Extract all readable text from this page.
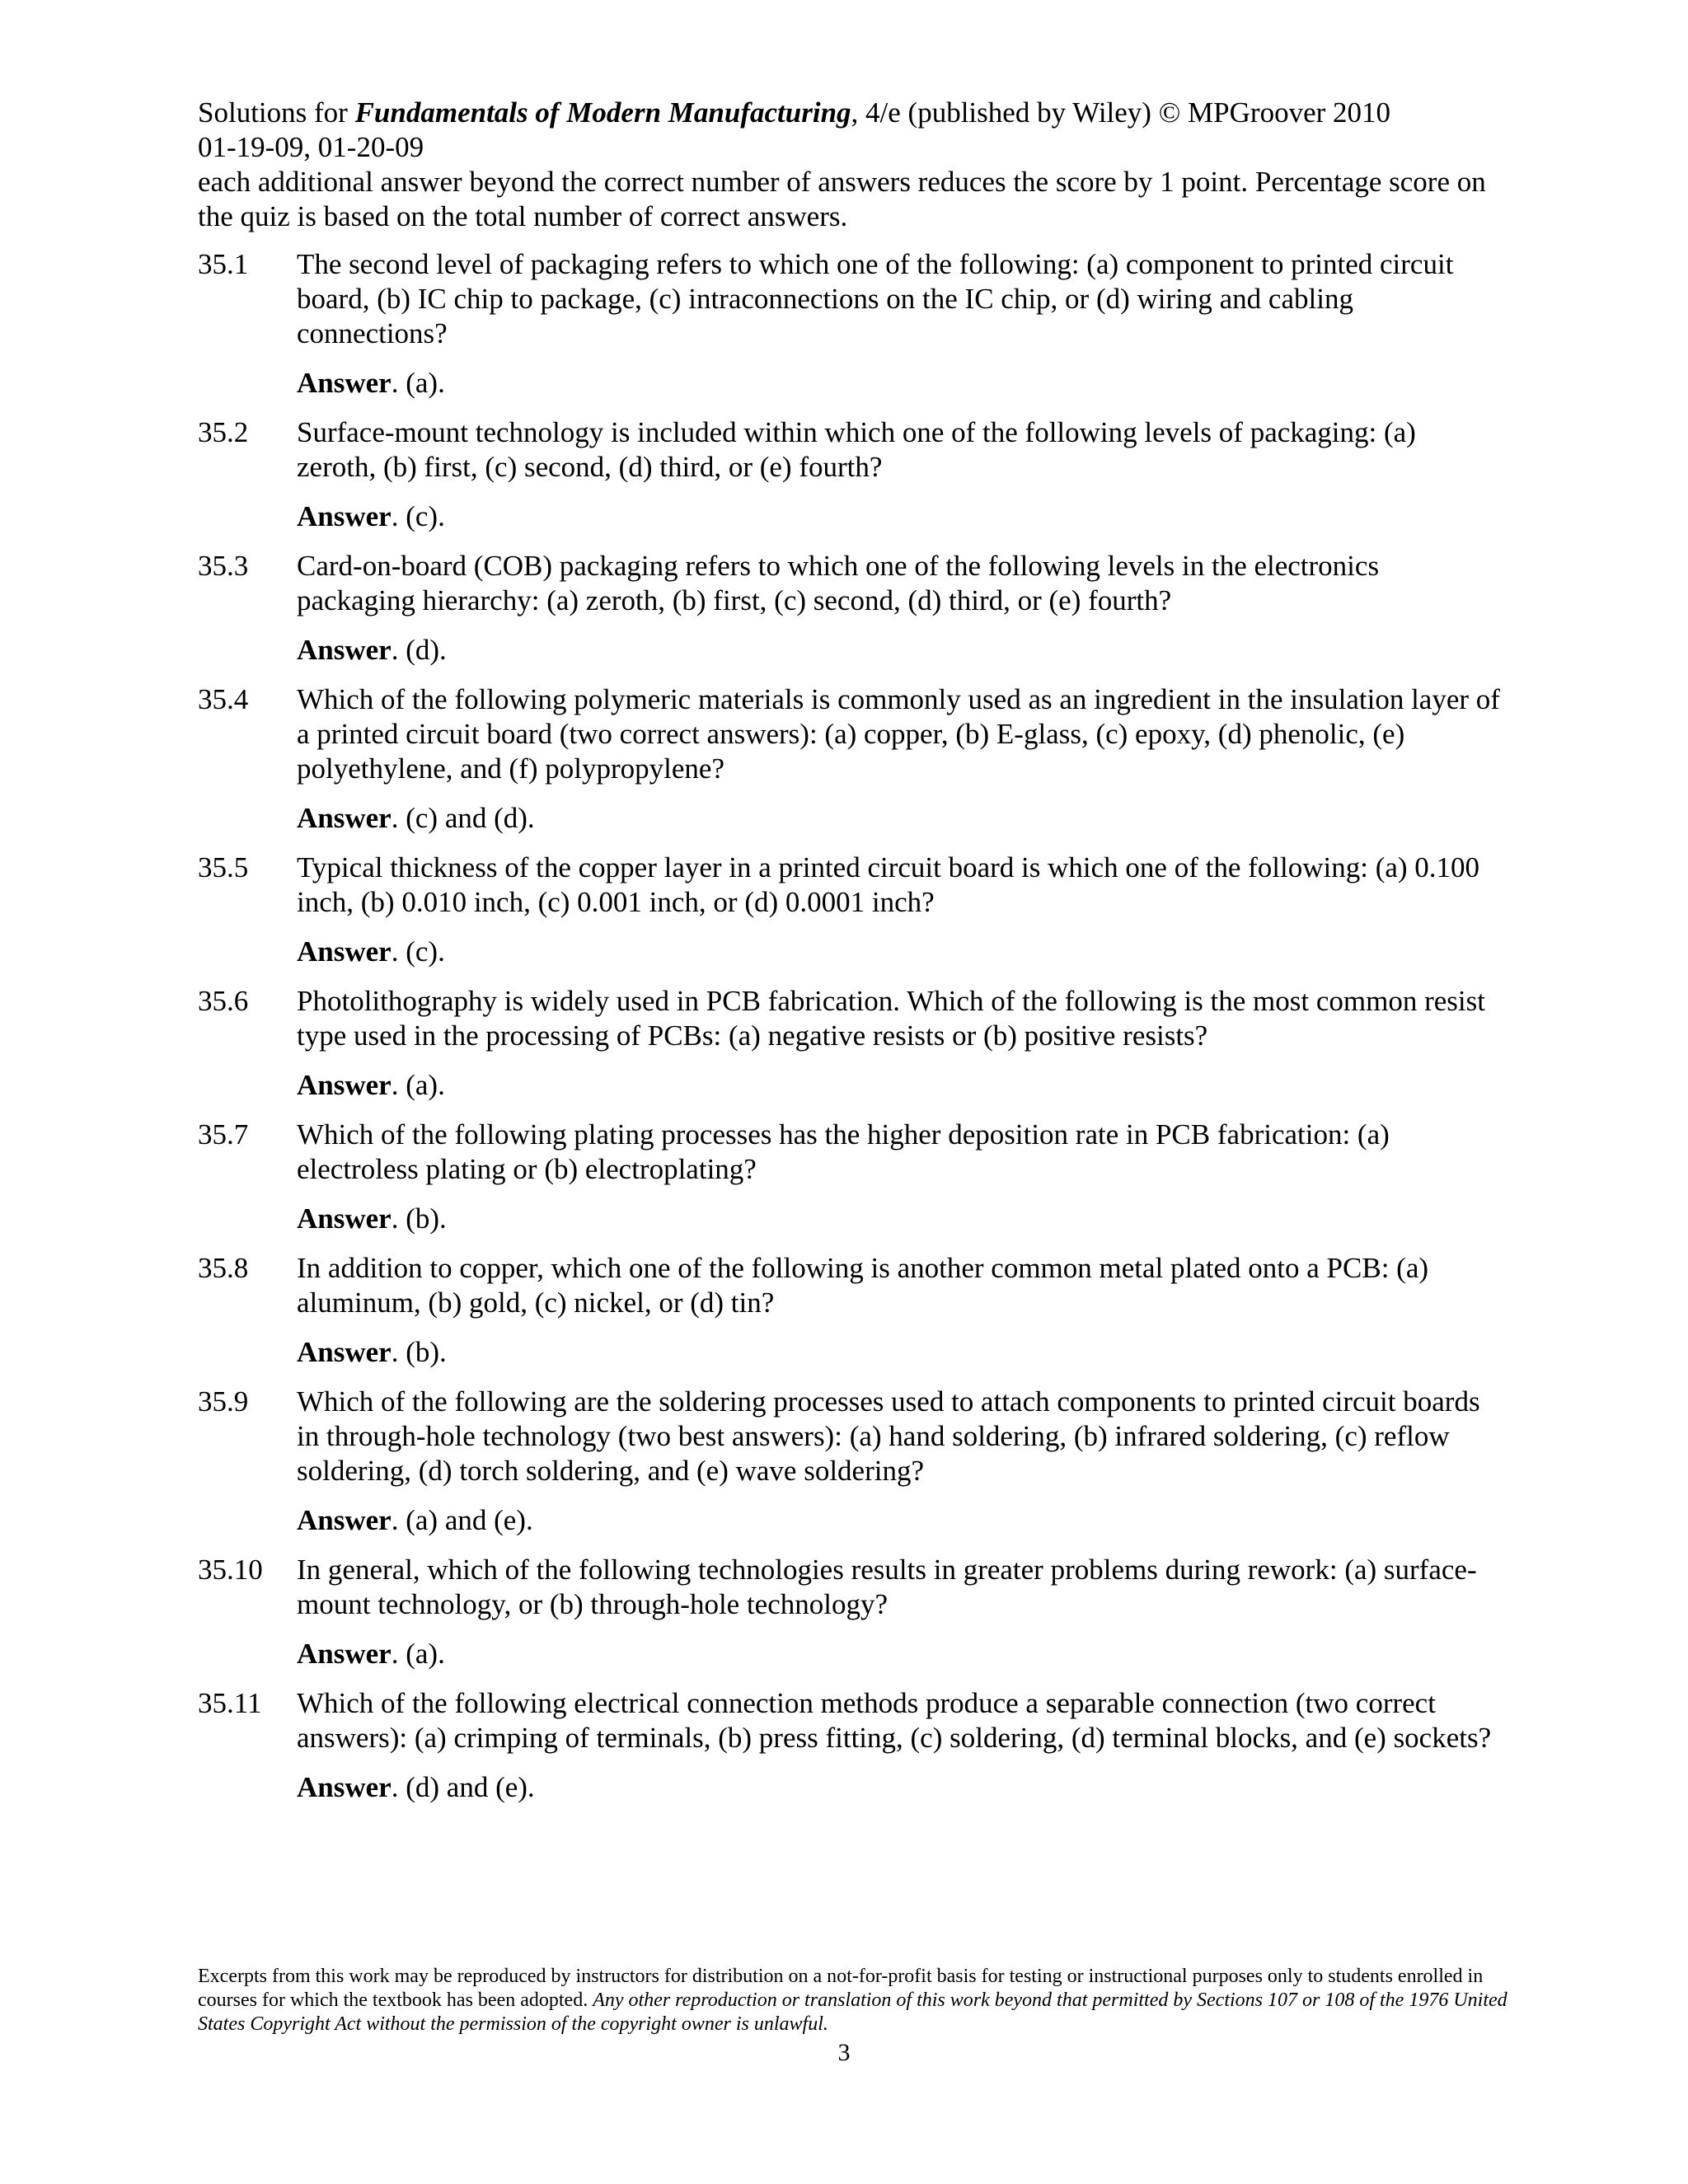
Solutions for Fundamentals of Modern Manufacturing, 4/e (published by Wiley) © MPGroover 2010
01-19-09, 01-20-09
each additional answer beyond the correct number of answers reduces the score by 1 point. Percentage score on the quiz is based on the total number of correct answers.
35.1	The second level of packaging refers to which one of the following: (a) component to printed circuit board, (b) IC chip to package, (c) intraconnections on the IC chip, or (d) wiring and cabling connections?
Answer. (a).
35.2	Surface-mount technology is included within which one of the following levels of packaging: (a) zeroth, (b) first, (c) second, (d) third, or (e) fourth?
Answer. (c).
35.3	Card-on-board (COB) packaging refers to which one of the following levels in the electronics packaging hierarchy: (a) zeroth, (b) first, (c) second, (d) third, or (e) fourth?
Answer. (d).
35.4	Which of the following polymeric materials is commonly used as an ingredient in the insulation layer of a printed circuit board (two correct answers): (a) copper, (b) E-glass, (c) epoxy, (d) phenolic, (e) polyethylene, and (f) polypropylene?
Answer. (c) and (d).
35.5	Typical thickness of the copper layer in a printed circuit board is which one of the following: (a) 0.100 inch, (b) 0.010 inch, (c) 0.001 inch, or (d) 0.0001 inch?
Answer. (c).
35.6	Photolithography is widely used in PCB fabrication. Which of the following is the most common resist type used in the processing of PCBs: (a) negative resists or (b) positive resists?
Answer. (a).
35.7	Which of the following plating processes has the higher deposition rate in PCB fabrication: (a) electroless plating or (b) electroplating?
Answer. (b).
35.8	In addition to copper, which one of the following is another common metal plated onto a PCB: (a) aluminum, (b) gold, (c) nickel, or (d) tin?
Answer. (b).
35.9	Which of the following are the soldering processes used to attach components to printed circuit boards in through-hole technology (two best answers): (a) hand soldering, (b) infrared soldering, (c) reflow soldering, (d) torch soldering, and (e) wave soldering?
Answer. (a) and (e).
35.10	In general, which of the following technologies results in greater problems during rework: (a) surface-mount technology, or (b) through-hole technology?
Answer. (a).
35.11	Which of the following electrical connection methods produce a separable connection (two correct answers): (a) crimping of terminals, (b) press fitting, (c) soldering, (d) terminal blocks, and (e) sockets?
Answer. (d) and (e).
Excerpts from this work may be reproduced by instructors for distribution on a not-for-profit basis for testing or instructional purposes only to students enrolled in courses for which the textbook has been adopted. Any other reproduction or translation of this work beyond that permitted by Sections 107 or 108 of the 1976 United States Copyright Act without the permission of the copyright owner is unlawful.
3
